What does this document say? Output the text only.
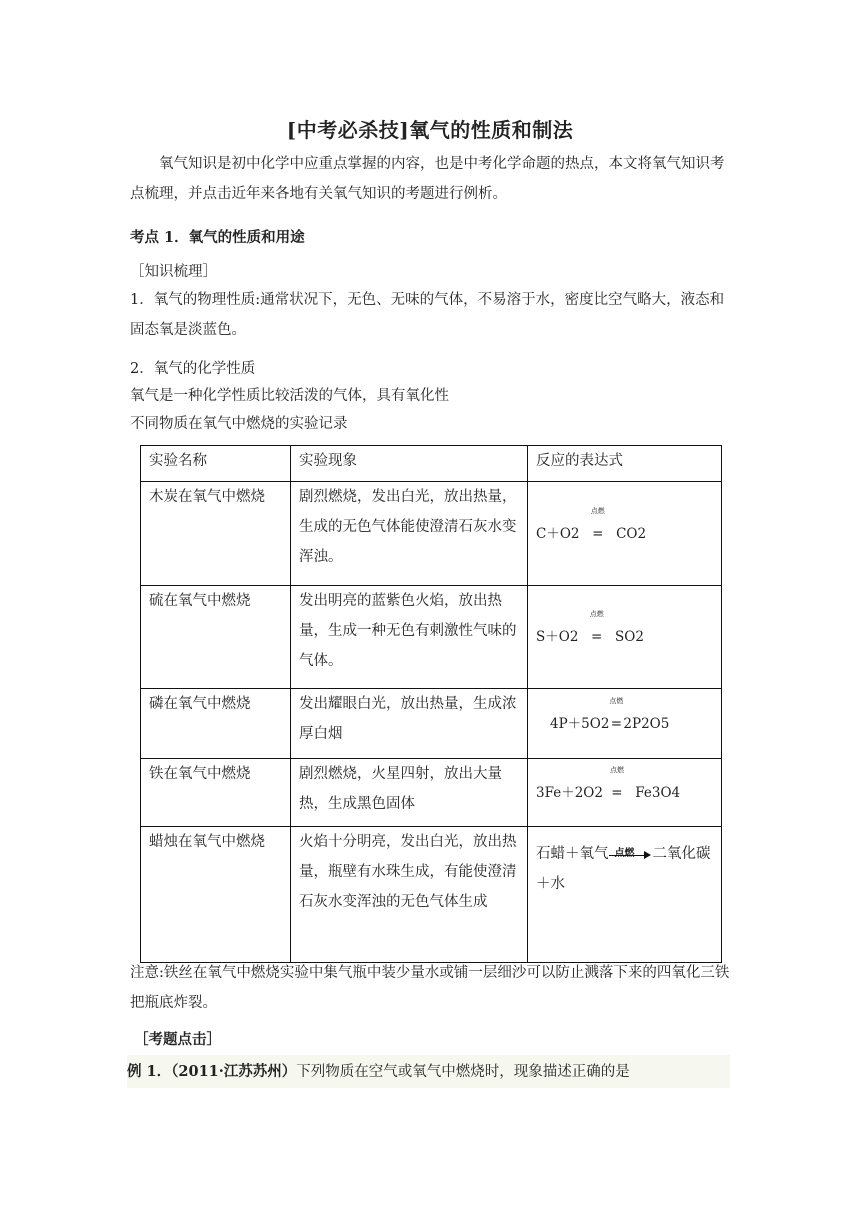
[中考必杀技]氧气的性质和制法
氧气知识是初中化学中应重点掌握的内容，也是中考化学命题的热点，本文将氧气知识考点梳理，并点击近年来各地有关氧气知识的考题进行例析。
考点 1．氧气的性质和用途
［知识梳理］
1．氧气的物理性质:通常状况下，无色、无味的气体，不易溶于水，密度比空气略大，液态和固态氧是淡蓝色。
2．氧气的化学性质
氧气是一种化学性质比较活泼的气体，具有氧化性
不同物质在氧气中燃烧的实验记录
实验名称	实验现象	反应的表达式
木炭在氧气中燃烧	剧烈燃烧，发出白光，放出热量，生成的无色气体能使澄清石灰水变浑浊。	C＋O2
点燃
= CO2
硫在氧气中燃烧	发出明亮的蓝紫色火焰，放出热量，生成一种无色有刺激性气味的气体。	S＋O2
点燃
= SO2
磷在氧气中燃烧	发出耀眼白光，放出热量，生成浓厚白烟	4P＋5O2
点燃
=2P2O5
铁在氧气中燃烧	剧烈燃烧，火星四射，放出大量热，生成黑色固体	3Fe＋2O2
点燃
= Fe3O4
蜡烛在氧气中燃烧	火焰十分明亮，发出白光，放出热量，瓶壁有水珠生成，有能使澄清石灰水变浑浊的无色气体生成	石蜡＋氧气 点燃 二氧化碳
＋水
注意:铁丝在氧气中燃烧实验中集气瓶中装少量水或铺一层细沙可以防止溅落下来的四氧化三铁把瓶底炸裂。
［考题点击］
例 1．（2011·江苏苏州）下列物质在空气或氧气中燃烧时，现象描述正确的是
